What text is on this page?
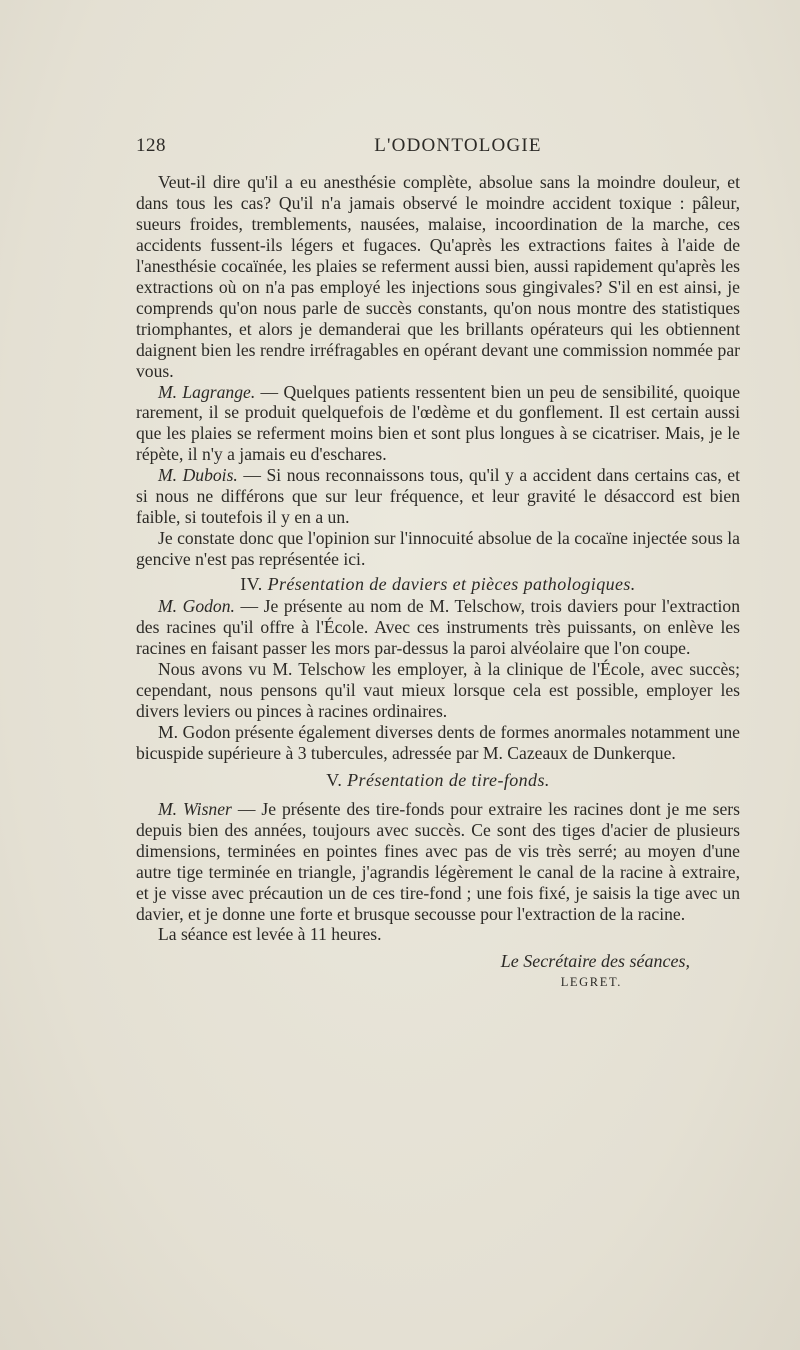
128	L'ODONTOLOGIE

Veut-il dire qu'il a eu anesthésie complète, absolue sans la moindre douleur, et dans tous les cas? Qu'il n'a jamais observé le moindre accident toxique : pâleur, sueurs froides, tremblements, nausées, malaise, incoordination de la marche, ces accidents fussent-ils légers et fugaces. Qu'après les extractions faites à l'aide de l'anesthésie cocaïnée, les plaies se referment aussi bien, aussi rapidement qu'après les extractions où on n'a pas employé les injections sous gingivales? S'il en est ainsi, je comprends qu'on nous parle de succès constants, qu'on nous montre des statistiques triomphantes, et alors je demanderai que les brillants opérateurs qui les obtiennent daignent bien les rendre irréfragables en opérant devant une commission nommée par vous.

M. Lagrange. — Quelques patients ressentent bien un peu de sensibilité, quoique rarement, il se produit quelquefois de l'œdème et du gonflement. Il est certain aussi que les plaies se referment moins bien et sont plus longues à se cicatriser. Mais, je le répète, il n'y a jamais eu d'eschares.

M. Dubois. — Si nous reconnaissons tous, qu'il y a accident dans certains cas, et si nous ne différons que sur leur fréquence, et leur gravité le désaccord est bien faible, si toutefois il y en a un.

Je constate donc que l'opinion sur l'innocuité absolue de la cocaïne injectée sous la gencive n'est pas représentée ici.

IV. Présentation de daviers et pièces pathologiques.

M. Godon. — Je présente au nom de M. Telschow, trois daviers pour l'extraction des racines qu'il offre à l'École. Avec ces instruments très puissants, on enlève les racines en faisant passer les mors par-dessus la paroi alvéolaire que l'on coupe.

Nous avons vu M. Telschow les employer, à la clinique de l'École, avec succès; cependant, nous pensons qu'il vaut mieux lorsque cela est possible, employer les divers leviers ou pinces à racines ordinaires.

M. Godon présente également diverses dents de formes anormales notamment une bicuspide supérieure à 3 tubercules, adressée par M. Cazeaux de Dunkerque.

V. Présentation de tire-fonds.

M. Wisner — Je présente des tire-fonds pour extraire les racines dont je me sers depuis bien des années, toujours avec succès. Ce sont des tiges d'acier de plusieurs dimensions, terminées en pointes fines avec pas de vis très serré; au moyen d'une autre tige terminée en triangle, j'agrandis légèrement le canal de la racine à extraire, et je visse avec précaution un de ces tire-fond ; une fois fixé, je saisis la tige avec un davier, et je donne une forte et brusque secousse pour l'extraction de la racine.

La séance est levée à 11 heures.

Le Secrétaire des séances,
LEGRET.
